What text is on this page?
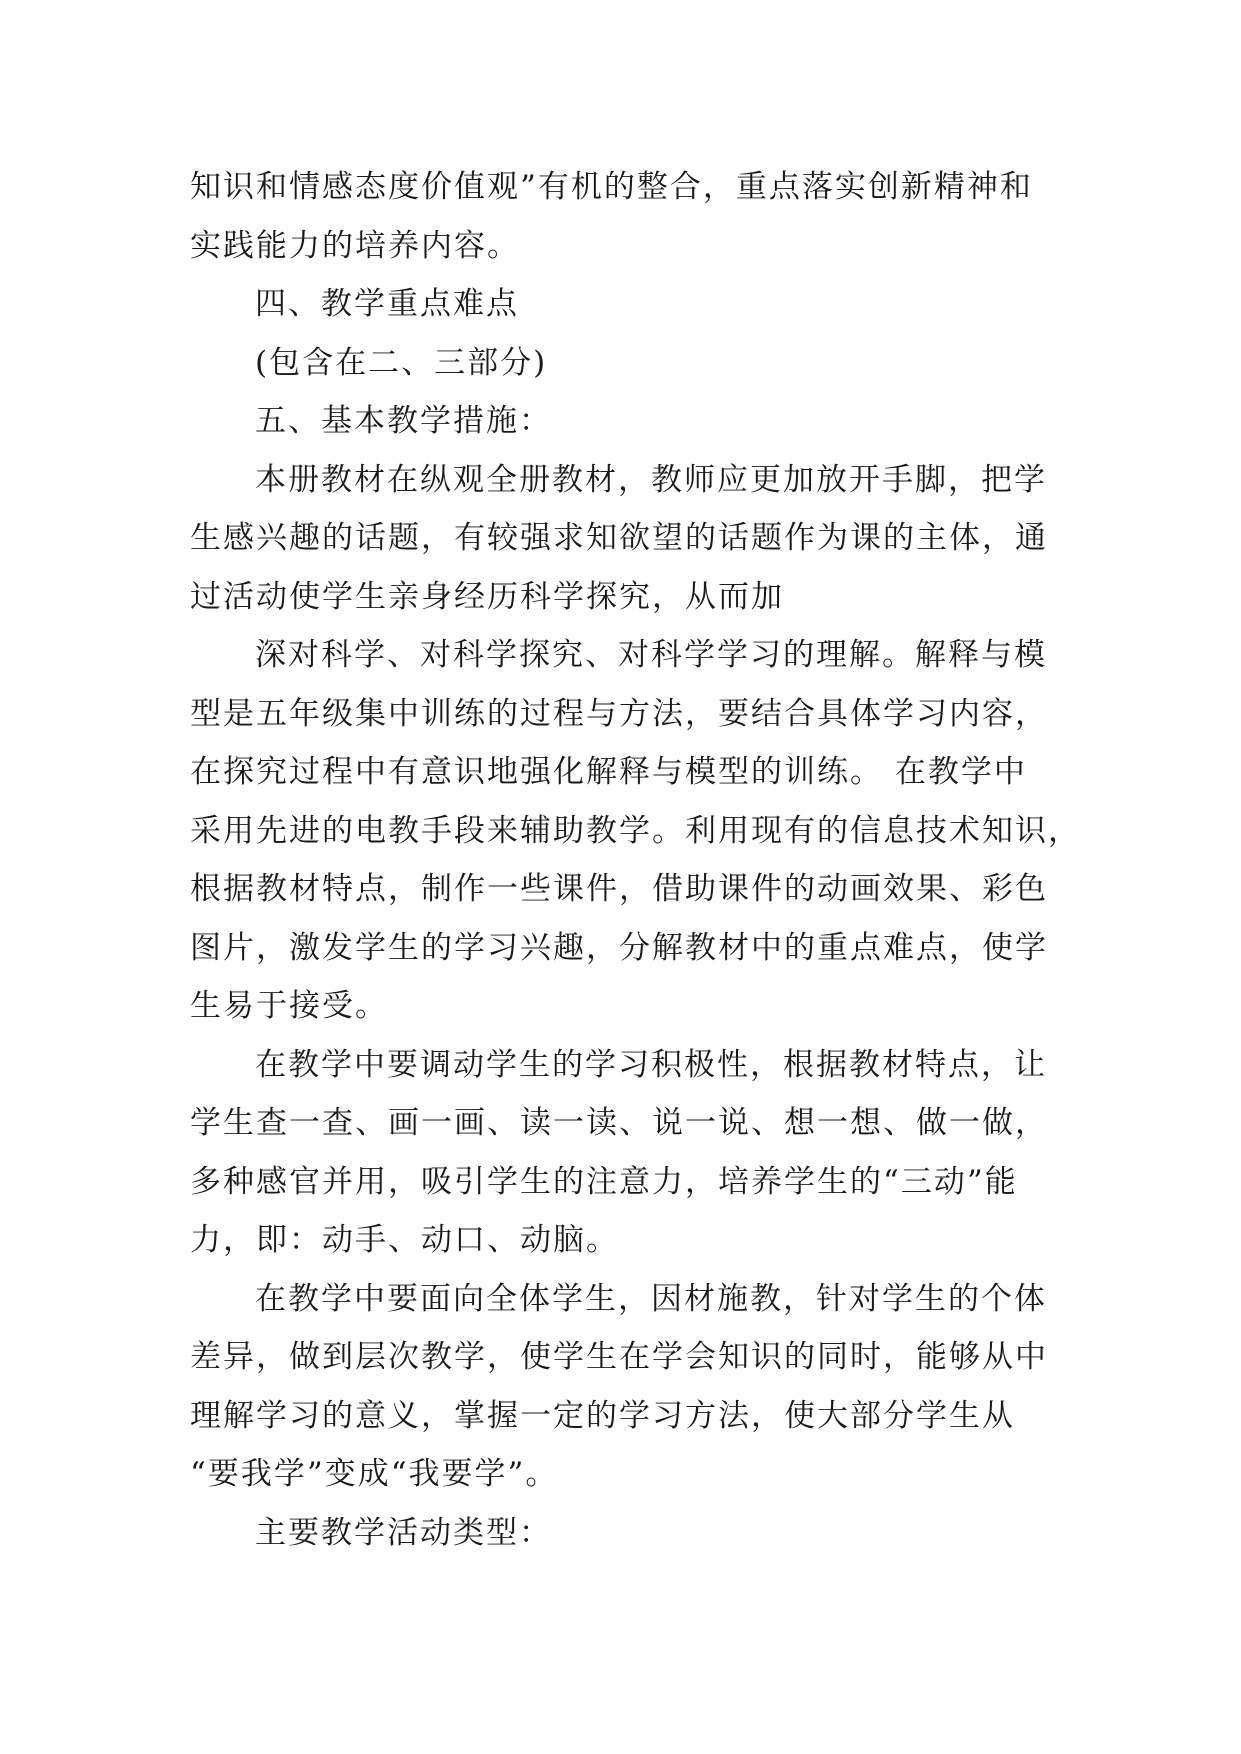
知识和情感态度价值观”有机的整合，重点落实创新精神和
实践能力的培养内容。
四、教学重点难点
(包含在二、三部分)
五、基本教学措施：
本册教材在纵观全册教材，教师应更加放开手脚，把学
生感兴趣的话题，有较强求知欲望的话题作为课的主体，通
过活动使学生亲身经历科学探究，从而加
深对科学、对科学探究、对科学学习的理解。解释与模
型是五年级集中训练的过程与方法，要结合具体学习内容，
在探究过程中有意识地强化解释与模型的训练。 在教学中
采用先进的电教手段来辅助教学。利用现有的信息技术知识，
根据教材特点，制作一些课件，借助课件的动画效果、彩色
图片，激发学生的学习兴趣，分解教材中的重点难点，使学
生易于接受。
在教学中要调动学生的学习积极性，根据教材特点，让
学生查一查、画一画、读一读、说一说、想一想、做一做，
多种感官并用，吸引学生的注意力，培养学生的“三动”能
力，即：动手、动口、动脑。
在教学中要面向全体学生，因材施教，针对学生的个体
差异，做到层次教学，使学生在学会知识的同时，能够从中
理解学习的意义，掌握一定的学习方法，使大部分学生从
“要我学”变成“我要学”。
主要教学活动类型：
